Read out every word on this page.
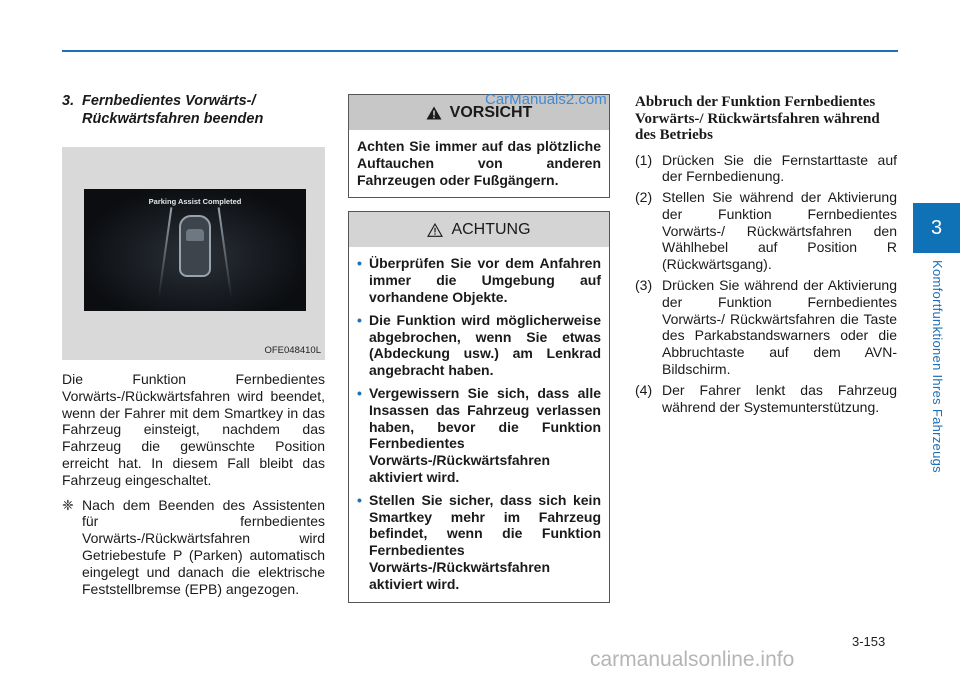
3
Komfortfunktionen Ihres Fahrzeugs
3. Fernbedientes Vorwärts-/
Rückwärtsfahren beenden
Parking Assist Completed
OFE048410L

Die Funktion Fernbedientes Vorwärts-/Rückwärtsfahren wird beendet, wenn der Fahrer mit dem Smartkey in das Fahrzeug einsteigt, nachdem das Fahrzeug die gewünschte Position erreicht hat. In diesem Fall bleibt das Fahrzeug eingeschaltet.

❈ Nach dem Beenden des Assistenten für fernbedientes Vorwärts-/Rückwärtsfahren wird Getriebestufe P (Parken) automatisch eingelegt und danach die elektrische Feststellbremse (EPB) angezogen.
VORSICHT
Achten Sie immer auf das plötzliche Auftauchen von anderen Fahrzeugen oder Fußgängern.
ACHTUNG
• Überprüfen Sie vor dem Anfahren immer die Umgebung auf vorhandene Objekte.
• Die Funktion wird möglicherweise abgebrochen, wenn Sie etwas (Abdeckung usw.) am Lenkrad angebracht haben.
• Vergewissern Sie sich, dass alle Insassen das Fahrzeug verlassen haben, bevor die Funktion Fernbedientes Vorwärts-/Rückwärtsfahren aktiviert wird.
• Stellen Sie sicher, dass sich kein Smartkey mehr im Fahrzeug befindet, wenn die Funktion Fernbedientes Vorwärts-/Rückwärtsfahren aktiviert wird.
CarManuals2.com Abbruch der Funktion Fernbedientes Vorwärts-/ Rückwärtsfahren während des Betriebs
(1) Drücken Sie die Fernstarttaste auf der Fernbedienung.
(2) Stellen Sie während der Aktivierung der Funktion Fernbedientes Vorwärts-/ Rückwärtsfahren den Wählhebel auf Position R (Rückwärtsgang).
(3) Drücken Sie während der Aktivierung der Funktion Fernbedientes Vorwärts-/ Rückwärtsfahren die Taste des Parkabstandswarners oder die Abbruchtaste auf dem AVN-Bildschirm.
(4) Der Fahrer lenkt das Fahrzeug während der Systemunterstützung.
3-153
carmanualsonline.info
